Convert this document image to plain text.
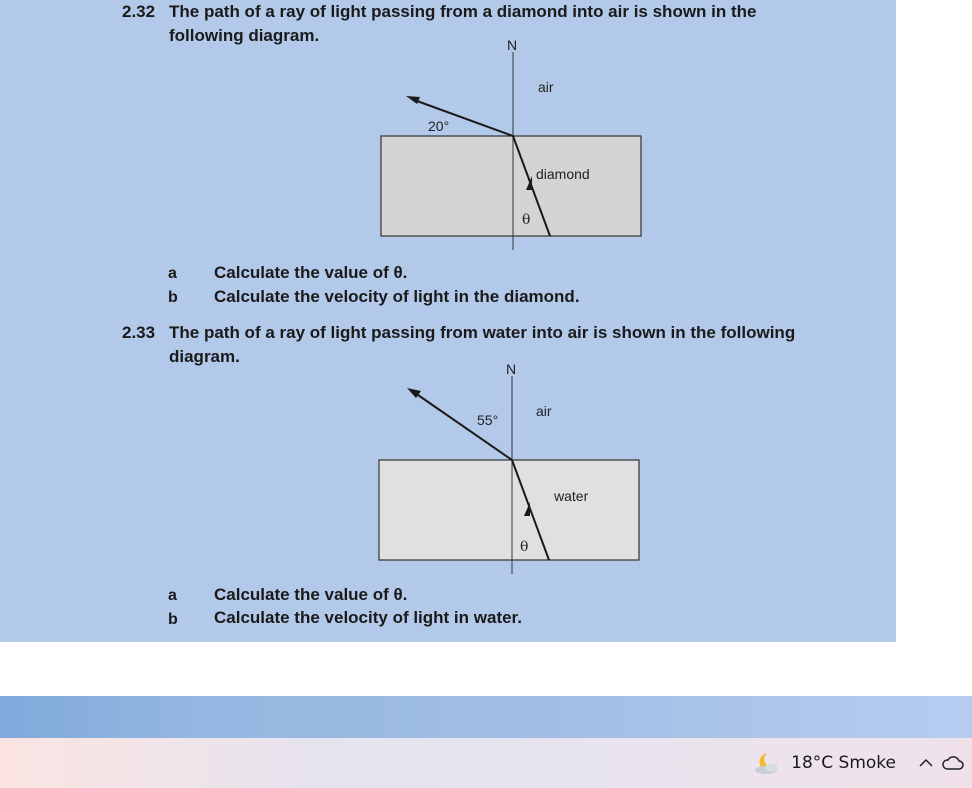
2.32 The path of a ray of light passing from a diamond into air is shown in the
following diagram.	N
air
diamond
20°
θ
a Calculate the value of θ.
b Calculate the velocity of light in the diamond.
2.33 The path of a ray of light passing from water into air is shown in the following
diagram.
N
air
water
55°
θ
a Calculate the value of θ.
b Calculate the velocity of light in water.
18°C Smoke
